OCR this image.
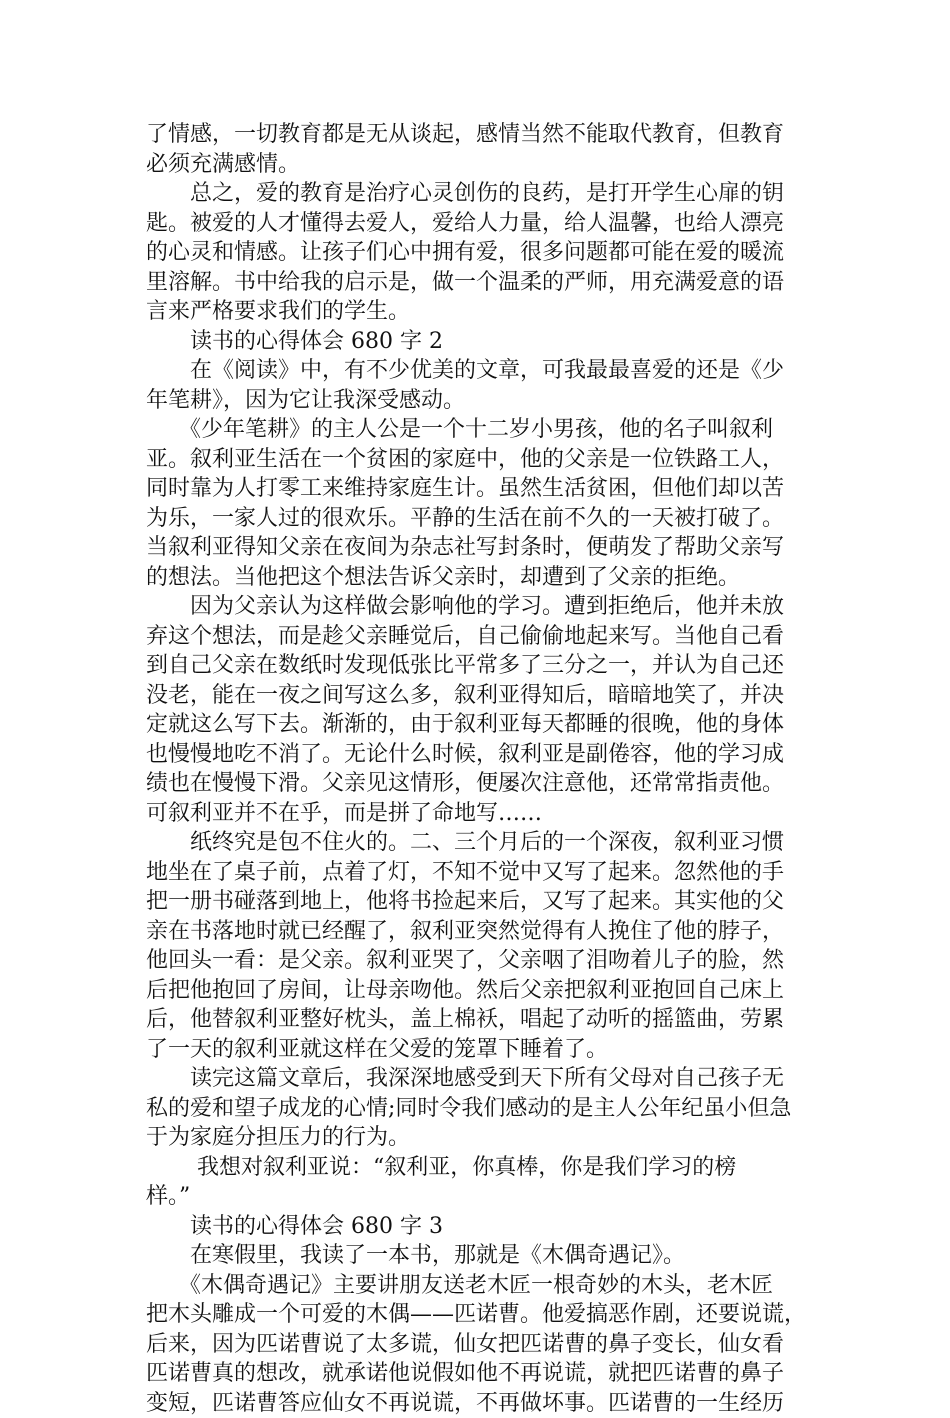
了情感，一切教育都是无从谈起，感情当然不能取代教育，但教育
必须充满感情。
　　总之，爱的教育是治疗心灵创伤的良药，是打开学生心扉的钥
匙。被爱的人才懂得去爱人，爱给人力量，给人温馨，也给人漂亮
的心灵和情感。让孩子们心中拥有爱，很多问题都可能在爱的暖流
里溶解。书中给我的启示是，做一个温柔的严师，用充满爱意的语
言来严格要求我们的学生。
　　读书的心得体会 680 字 2
　　在《阅读》中，有不少优美的文章，可我最最喜爱的还是《少
年笔耕》，因为它让我深受感动。
　　《少年笔耕》的主人公是一个十二岁小男孩，他的名子叫叙利
亚。叙利亚生活在一个贫困的家庭中，他的父亲是一位铁路工人，
同时靠为人打零工来维持家庭生计。虽然生活贫困，但他们却以苦
为乐，一家人过的很欢乐。平静的生活在前不久的一天被打破了。
当叙利亚得知父亲在夜间为杂志社写封条时，便萌发了帮助父亲写
的想法。当他把这个想法告诉父亲时，却遭到了父亲的拒绝。
　　因为父亲认为这样做会影响他的学习。遭到拒绝后，他并未放
弃这个想法，而是趁父亲睡觉后，自己偷偷地起来写。当他自己看
到自己父亲在数纸时发现低张比平常多了三分之一，并认为自己还
没老，能在一夜之间写这么多，叙利亚得知后，暗暗地笑了，并决
定就这么写下去。渐渐的，由于叙利亚每天都睡的很晚，他的身体
也慢慢地吃不消了。无论什么时候，叙利亚是副倦容，他的学习成
绩也在慢慢下滑。父亲见这情形，便屡次注意他，还常常指责他。
可叙利亚并不在乎，而是拼了命地写……
　　纸终究是包不住火的。二、三个月后的一个深夜，叙利亚习惯
地坐在了桌子前，点着了灯，不知不觉中又写了起来。忽然他的手
把一册书碰落到地上，他将书捡起来后，又写了起来。其实他的父
亲在书落地时就已经醒了，叙利亚突然觉得有人挽住了他的脖子，
他回头一看：是父亲。叙利亚哭了，父亲咽了泪吻着儿子的脸，然
后把他抱回了房间，让母亲吻他。然后父亲把叙利亚抱回自己床上
后，他替叙利亚整好枕头，盖上棉袄，唱起了动听的摇篮曲，劳累
了一天的叙利亚就这样在父爱的笼罩下睡着了。
　　读完这篇文章后，我深深地感受到天下所有父母对自己孩子无
私的爱和望子成龙的心情;同时令我们感动的是主人公年纪虽小但急
于为家庭分担压力的行为。
　　 我想对叙利亚说：“叙利亚，你真棒，你是我们学习的榜
样。”
　　读书的心得体会 680 字 3
　　在寒假里，我读了一本书，那就是《木偶奇遇记》。
　　《木偶奇遇记》主要讲朋友送老木匠一根奇妙的木头，老木匠
把木头雕成一个可爱的木偶——匹诺曹。他爱搞恶作剧，还要说谎，
后来，因为匹诺曹说了太多谎，仙女把匹诺曹的鼻子变长，仙女看
匹诺曹真的想改，就承诺他说假如他不再说谎，就把匹诺曹的鼻子
变短，匹诺曹答应仙女不再说谎，不再做坏事。匹诺曹的一生经历
